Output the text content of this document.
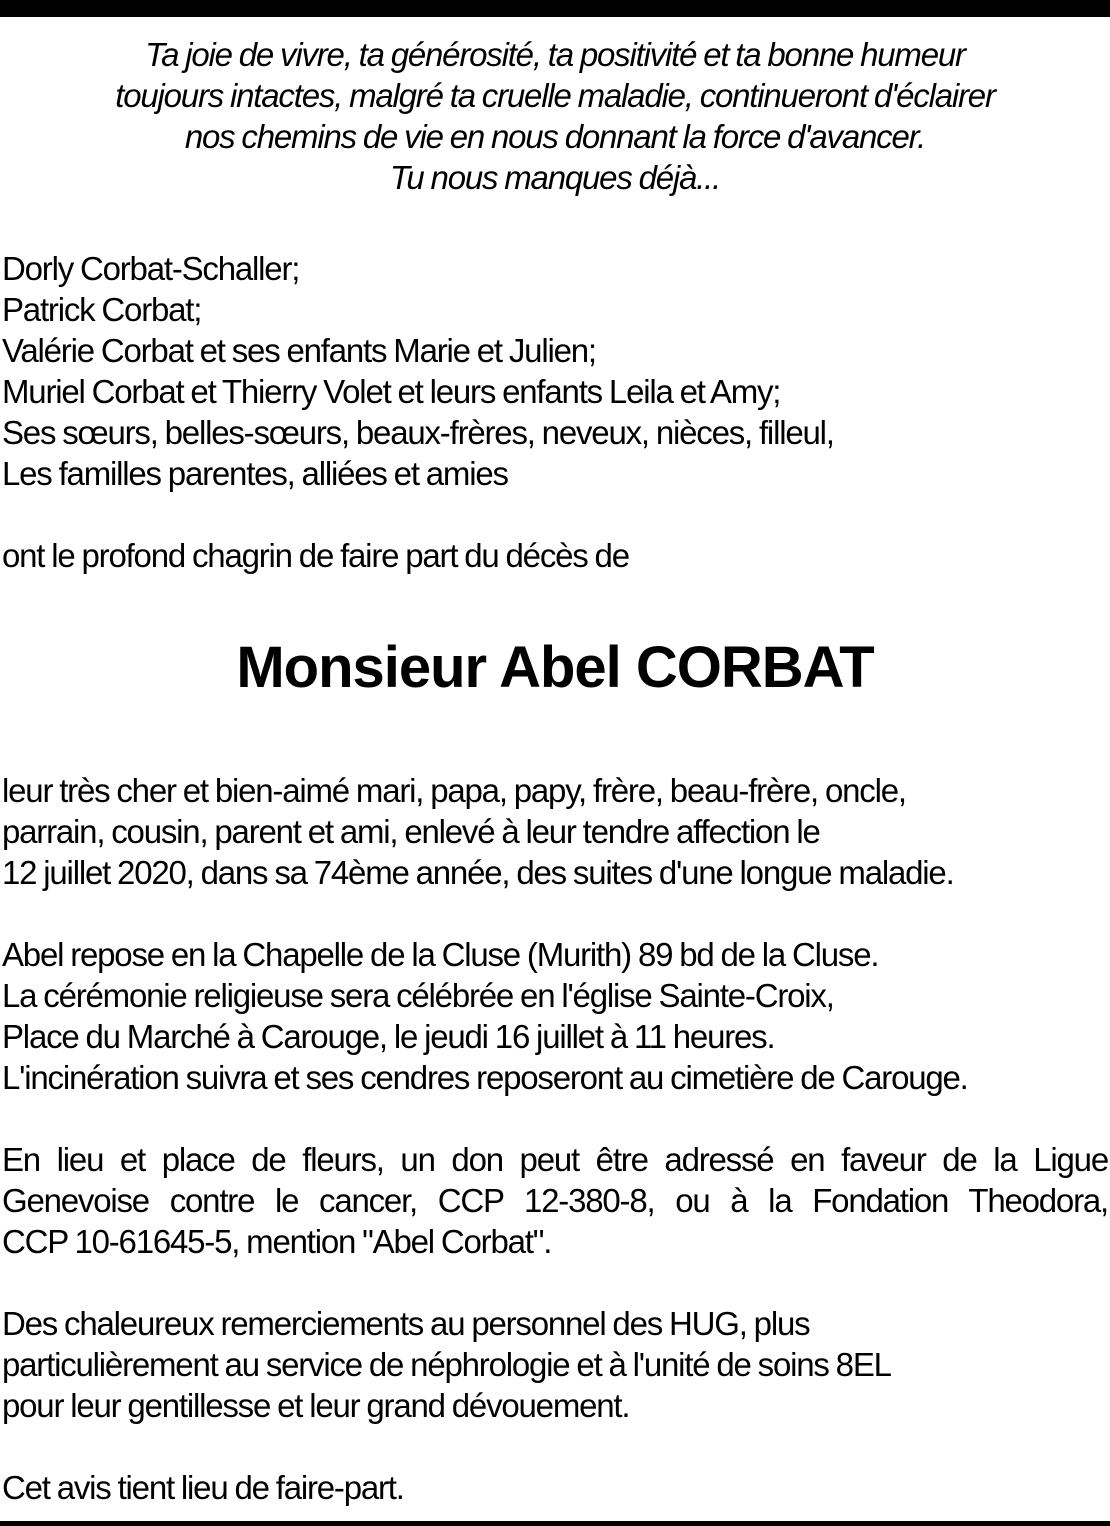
Ta joie de vivre, ta générosité, ta positivité et ta bonne humeur
toujours intactes, malgré ta cruelle maladie, continueront d'éclairer
nos chemins de vie en nous donnant la force d'avancer.
Tu nous manques déjà...
Dorly Corbat-Schaller;
Patrick Corbat;
Valérie Corbat et ses enfants Marie et Julien;
Muriel Corbat et Thierry Volet et leurs enfants Leila et Amy;
Ses sœurs, belles-sœurs, beaux-frères, neveux, nièces, filleul,
Les familles parentes, alliées et amies
ont le profond chagrin de faire part du décès de
Monsieur Abel CORBAT
leur très cher et bien-aimé mari, papa, papy, frère, beau-frère, oncle,
parrain, cousin, parent et ami, enlevé à leur tendre affection le
12 juillet 2020, dans sa 74ème année, des suites d'une longue maladie.
Abel repose en la Chapelle de la Cluse (Murith) 89 bd de la Cluse.
La cérémonie religieuse sera célébrée en l'église Sainte-Croix,
Place du Marché à Carouge, le jeudi 16 juillet à 11 heures.
L'incinération suivra et ses cendres reposeront au cimetière de Carouge.
En lieu et place de fleurs, un don peut être adressé en faveur de la Ligue
Genevoise contre le cancer, CCP 12-380-8, ou à la Fondation Theodora,
CCP 10-61645-5, mention "Abel Corbat".
Des chaleureux remerciements au personnel des HUG, plus
particulièrement au service de néphrologie et à l'unité de soins 8EL
pour leur gentillesse et leur grand dévouement.
Cet avis tient lieu de faire-part.
